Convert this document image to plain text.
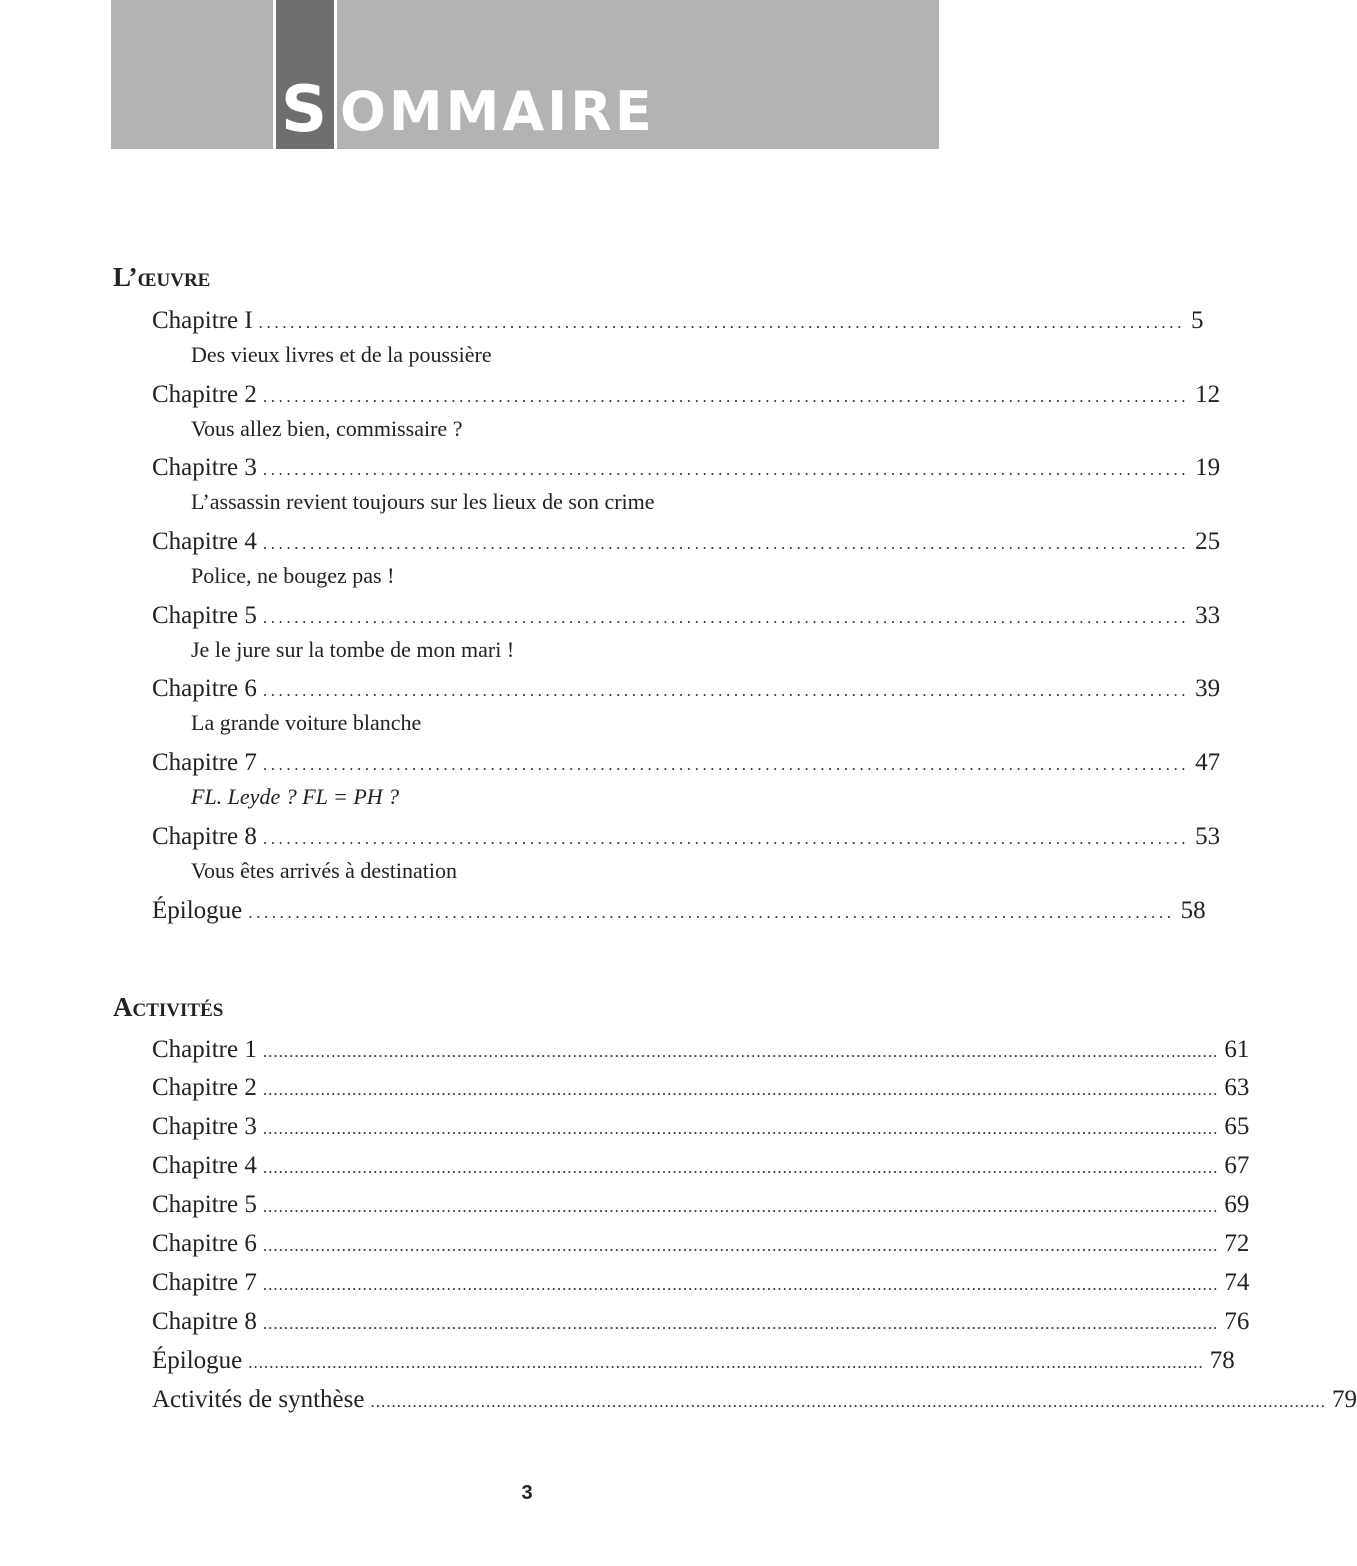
S OMMAIRE
L’œuvre
Chapitre I ...................................................................................................................... 5
Des vieux livres et de la poussière
Chapitre 2 ...................................................................................................................... 12
Vous allez bien, commissaire ?
Chapitre 3 ...................................................................................................................... 19
L’assassin revient toujours sur les lieux de son crime
Chapitre 4 ...................................................................................................................... 25
Police, ne bougez pas !
Chapitre 5 ...................................................................................................................... 33
Je le jure sur la tombe de mon mari !
Chapitre 6 ...................................................................................................................... 39
La grande voiture blanche
Chapitre 7 ...................................................................................................................... 47
FL. Leyde ? FL = PH ?
Chapitre 8 ...................................................................................................................... 53
Vous êtes arrivés à destination
Épilogue ...................................................................................................................... 58
Activités
Chapitre 1 ...................................................................................................................................................................................... 61
Chapitre 2 ...................................................................................................................................................................................... 63
Chapitre 3 ...................................................................................................................................................................................... 65
Chapitre 4 ...................................................................................................................................................................................... 67
Chapitre 5 ...................................................................................................................................................................................... 69
Chapitre 6 ...................................................................................................................................................................................... 72
Chapitre 7 ...................................................................................................................................................................................... 74
Chapitre 8 ...................................................................................................................................................................................... 76
Épilogue ...................................................................................................................................................................................... 78
Activités de synthèse ...................................................................................................................................................................................... 79
3
